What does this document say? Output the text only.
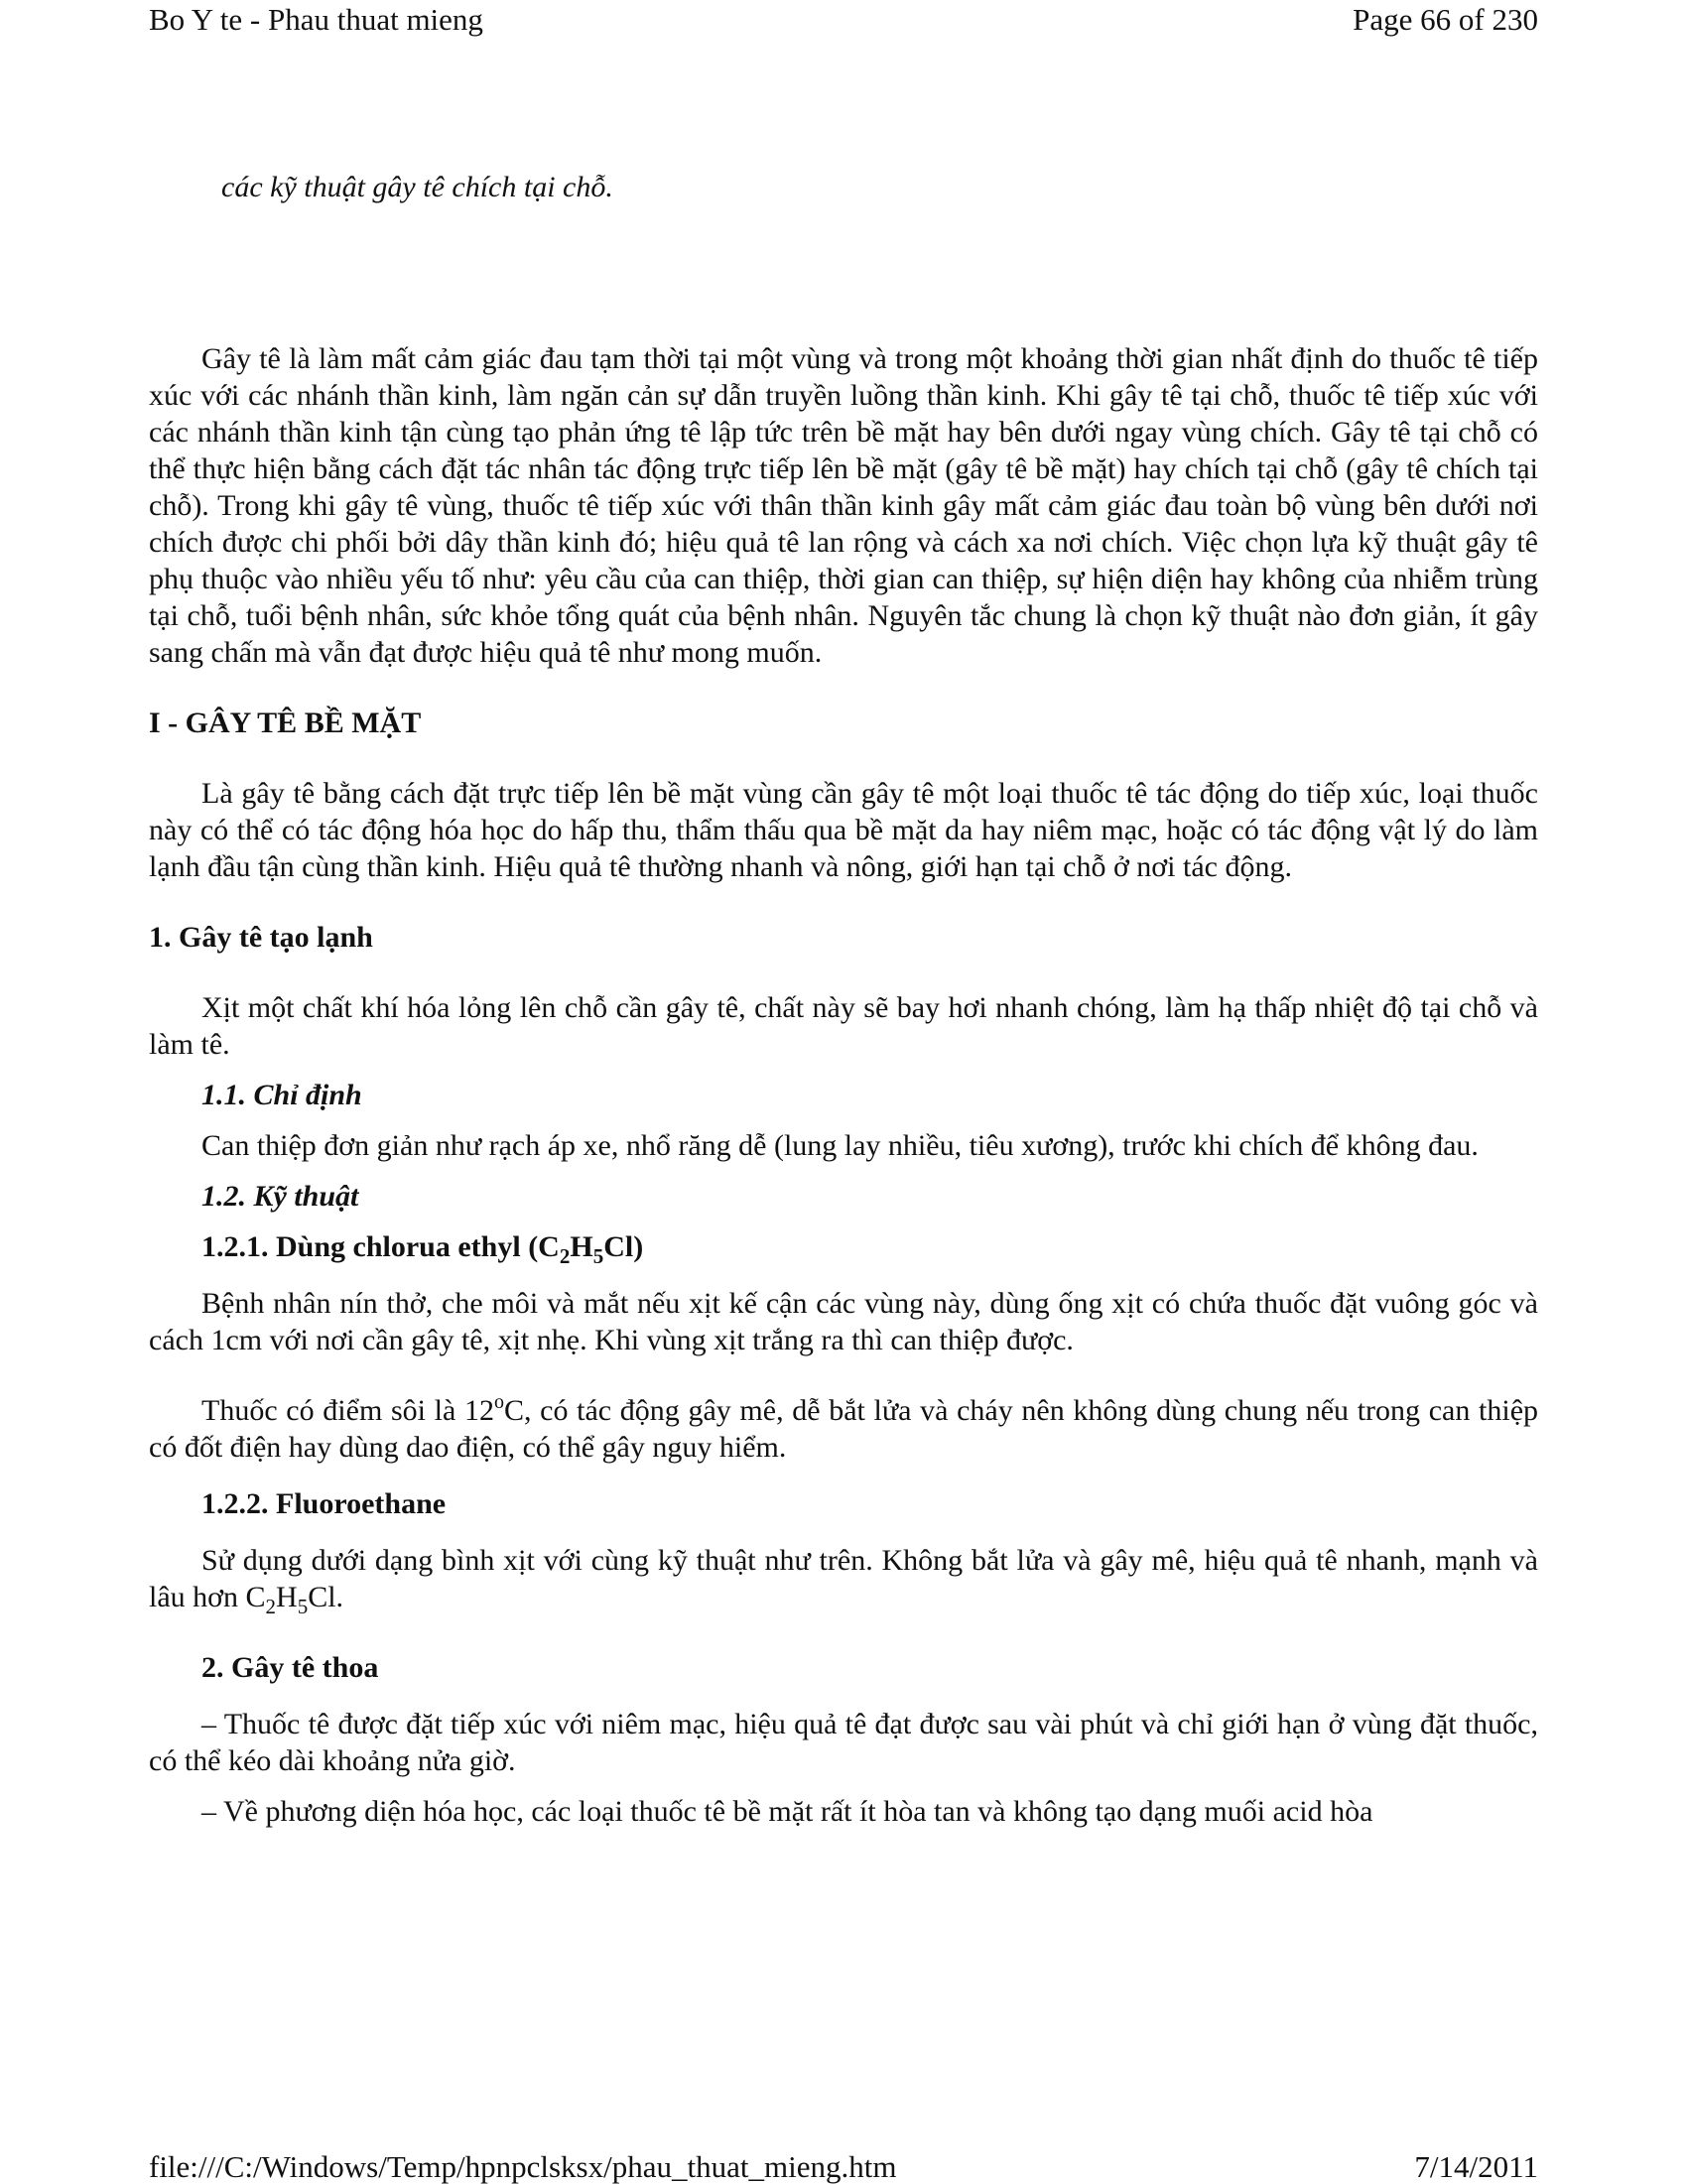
Bo Y te - Phau thuat mieng	Page 66 of 230

các kỹ thuật gây tê chích tại chỗ.

Gây tê là làm mất cảm giác đau tạm thời tại một vùng và trong một khoảng thời gian nhất định do thuốc tê tiếp xúc với các nhánh thần kinh, làm ngăn cản sự dẫn truyền luồng thần kinh. Khi gây tê tại chỗ, thuốc tê tiếp xúc với các nhánh thần kinh tận cùng tạo phản ứng tê lập tức trên bề mặt hay bên dưới ngay vùng chích. Gây tê tại chỗ có thể thực hiện bằng cách đặt tác nhân tác động trực tiếp lên bề mặt (gây tê bề mặt) hay chích tại chỗ (gây tê chích tại chỗ). Trong khi gây tê vùng, thuốc tê tiếp xúc với thân thần kinh gây mất cảm giác đau toàn bộ vùng bên dưới nơi chích được chi phối bởi dây thần kinh đó; hiệu quả tê lan rộng và cách xa nơi chích. Việc chọn lựa kỹ thuật gây tê phụ thuộc vào nhiều yếu tố như: yêu cầu của can thiệp, thời gian can thiệp, sự hiện diện hay không của nhiễm trùng tại chỗ, tuổi bệnh nhân, sức khỏe tổng quát của bệnh nhân. Nguyên tắc chung là chọn kỹ thuật nào đơn giản, ít gây sang chấn mà vẫn đạt được hiệu quả tê như mong muốn.

I - GÂY TÊ BỀ MẶT

Là gây tê bằng cách đặt trực tiếp lên bề mặt vùng cần gây tê một loại thuốc tê tác động do tiếp xúc, loại thuốc này có thể có tác động hóa học do hấp thu, thẩm thấu qua bề mặt da hay niêm mạc, hoặc có tác động vật lý do làm lạnh đầu tận cùng thần kinh. Hiệu quả tê thường nhanh và nông, giới hạn tại chỗ ở nơi tác động.

1. Gây tê tạo lạnh

Xịt một chất khí hóa lỏng lên chỗ cần gây tê, chất này sẽ bay hơi nhanh chóng, làm hạ thấp nhiệt độ tại chỗ và làm tê.

1.1. Chỉ định

Can thiệp đơn giản như rạch áp xe, nhổ răng dễ (lung lay nhiều, tiêu xương), trước khi chích để không đau.

1.2. Kỹ thuật
1.2.1. Dùng chlorua ethyl $(C_2H_5Cl)$

Bệnh nhân nín thở, che môi và mắt nếu xịt kế cận các vùng này, dùng ống xịt có chứa thuốc đặt vuông góc và cách 1cm với nơi cần gây tê, xịt nhẹ. Khi vùng xịt trắng ra thì can thiệp được.

Thuốc có điểm sôi là 12$^o$C, có tác động gây mê, dễ bắt lửa và cháy nên không dùng chung nếu trong can thiệp có đốt điện hay dùng dao điện, có thể gây nguy hiểm.

1.2.2. Fluoroethane

Sử dụng dưới dạng bình xịt với cùng kỹ thuật như trên. Không bắt lửa và gây mê, hiệu quả tê nhanh, mạnh và lâu hơn $C_2H_5Cl$.

2. Gây tê thoa

– Thuốc tê được đặt tiếp xúc với niêm mạc, hiệu quả tê đạt được sau vài phút và chỉ giới hạn ở vùng đặt thuốc, có thể kéo dài khoảng nửa giờ.

– Về phương diện hóa học, các loại thuốc tê bề mặt rất ít hòa tan và không tạo dạng muối acid hòa

file:///C:/Windows/Temp/hpnpclsksx/phau_thuat_mieng.htm	7/14/2011
